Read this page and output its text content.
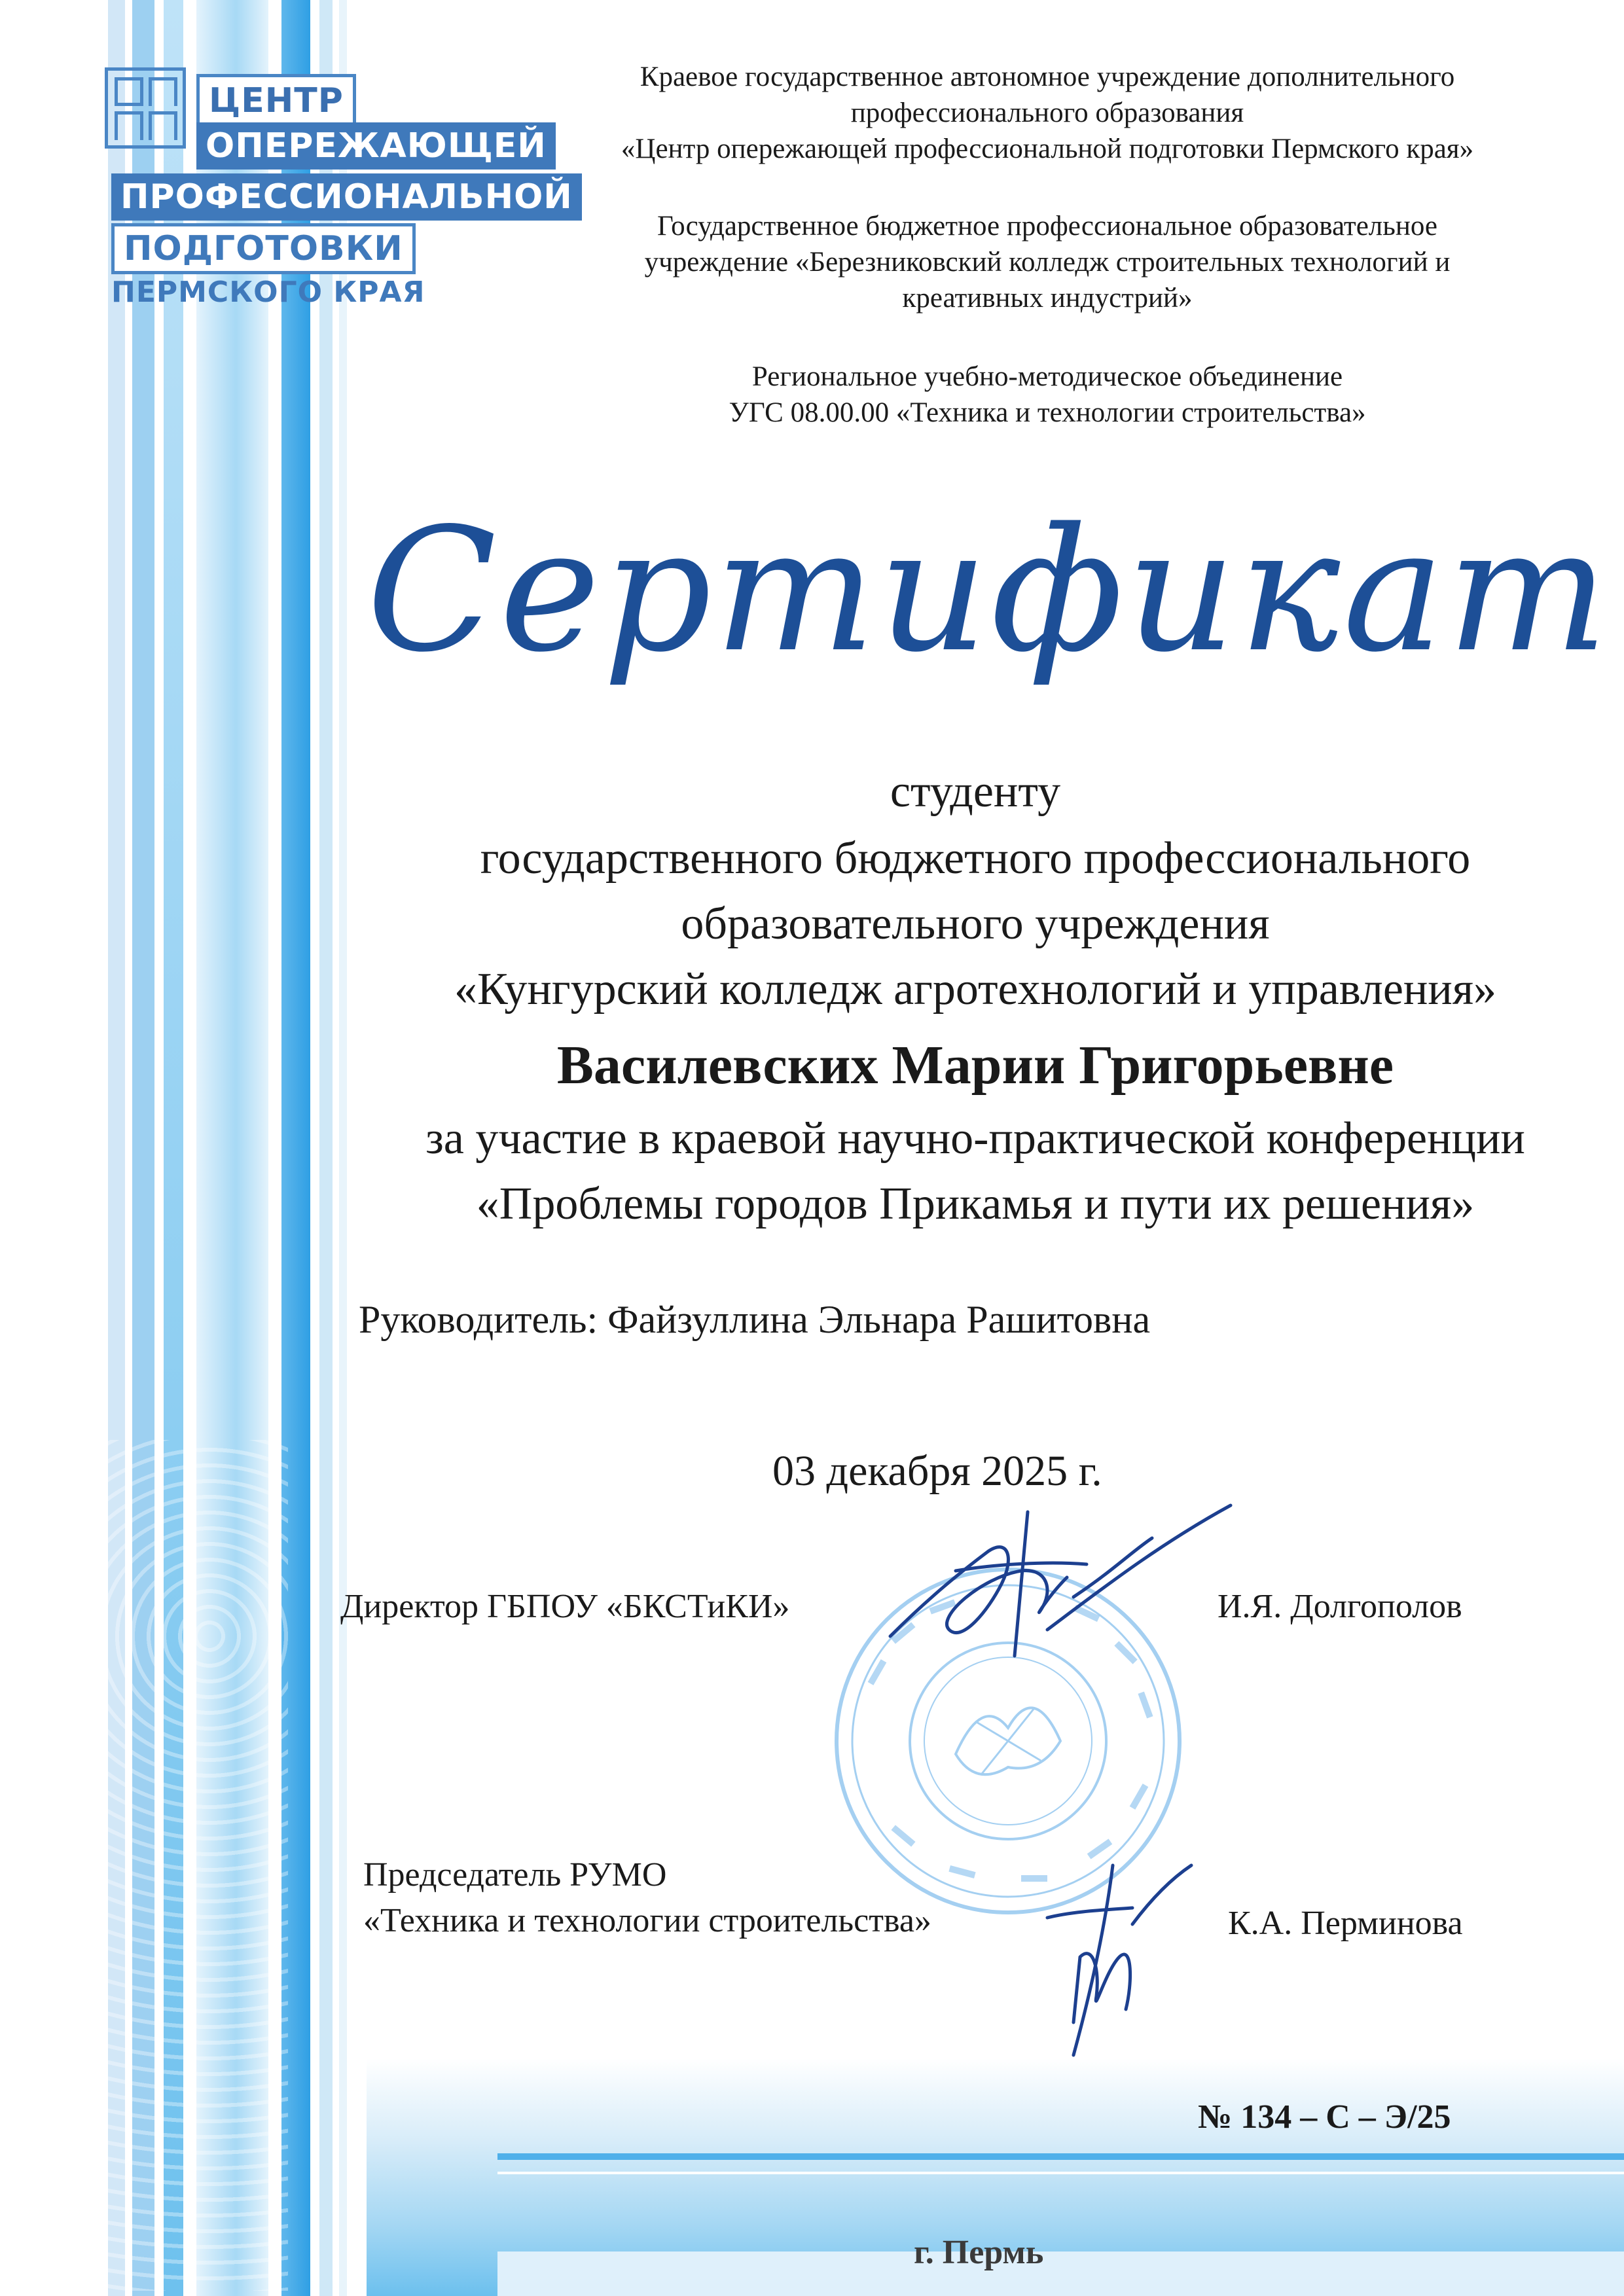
ЦЕНТР
ОПЕРЕЖАЮЩЕЙ
ПРОФЕССИОНАЛЬНОЙ
ПОДГОТОВКИ
ПЕРМСКОГО КРАЯ
Краевое государственное автономное учреждение дополнительного
профессионального образования
«Центр опережающей профессиональной подготовки Пермского края»
Государственное бюджетное профессиональное образовательное
учреждение «Березниковский колледж строительных технологий и
креативных индустрий»
Региональное учебно-методическое объединение
УГС 08.00.00 «Техника и технологии строительства»
Сертификат
студенту
государственного бюджетного профессионального
образовательного учреждения
«Кунгурский колледж агротехнологий и управления»
Василевских Марии Григорьевне
за участие в краевой научно-практической конференции
«Проблемы городов Прикамья и пути их решения»
Руководитель: Файзуллина Эльнара Рашитовна
03 декабря 2025 г.
Директор ГБПОУ «БКСТиКИ»	И.Я. Долгополов
Председатель РУМО
«Техника и технологии строительства»	К.А. Перминова
№ 134 – С – Э/25
г. Пермь
